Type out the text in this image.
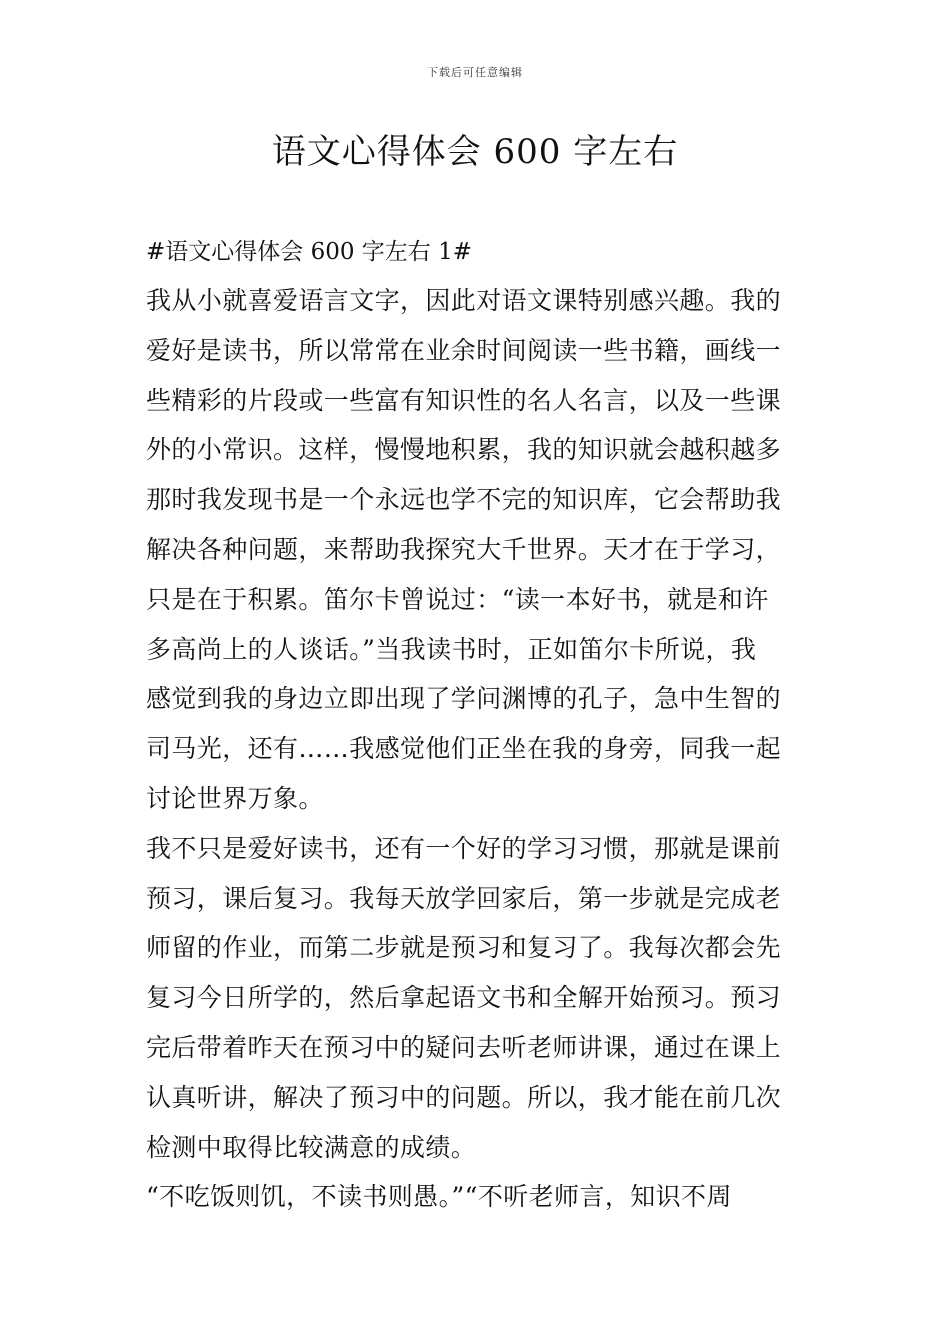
下载后可任意编辑
语文心得体会 600 字左右
#语文心得体会 600 字左右 1#
我从小就喜爱语言文字，因此对语文课特别感兴趣。我的
爱好是读书，所以常常在业余时间阅读一些书籍，画线一
些精彩的片段或一些富有知识性的名人名言，以及一些课
外的小常识。这样，慢慢地积累，我的知识就会越积越多
那时我发现书是一个永远也学不完的知识库，它会帮助我
解决各种问题，来帮助我探究大千世界。天才在于学习，
只是在于积累。笛尔卡曾说过：“读一本好书，就是和许
多高尚上的人谈话。”当我读书时，正如笛尔卡所说，我
感觉到我的身边立即出现了学问渊博的孔子，急中生智的
司马光，还有……我感觉他们正坐在我的身旁，同我一起
讨论世界万象。
我不只是爱好读书，还有一个好的学习习惯，那就是课前
预习，课后复习。我每天放学回家后，第一步就是完成老
师留的作业，而第二步就是预习和复习了。我每次都会先
复习今日所学的，然后拿起语文书和全解开始预习。预习
完后带着昨天在预习中的疑问去听老师讲课，通过在课上
认真听讲，解决了预习中的问题。所以，我才能在前几次
检测中取得比较满意的成绩。
“不吃饭则饥，不读书则愚。”“不听老师言，知识不周
